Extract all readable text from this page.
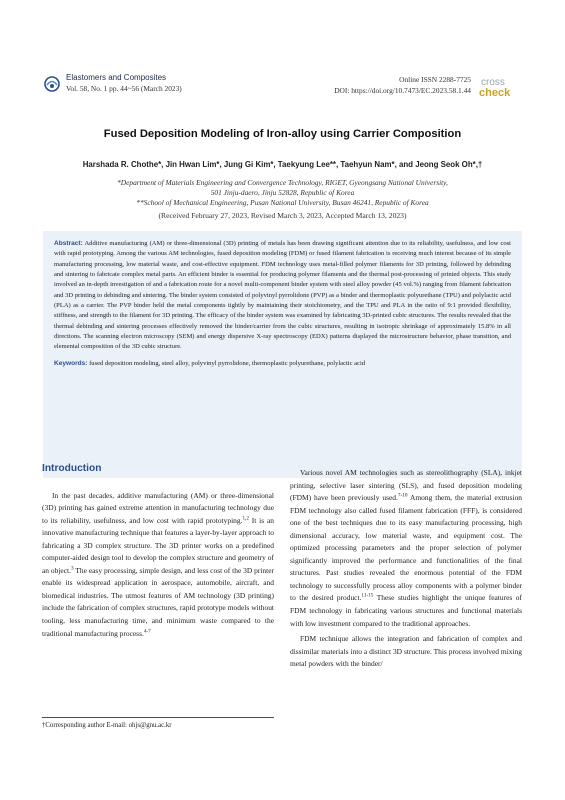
Elastomers and Composites
Vol. 58, No. 1 pp. 44~56 (March 2023)
Online ISSN 2288-7725
DOI: https://doi.org/10.7473/EC.2023.58.1.44
cross
check
Fused Deposition Modeling of Iron-alloy using Carrier Composition
Harshada R. Chothe*, Jin Hwan Lim*, Jung Gi Kim*, Taekyung Lee**, Taehyun Nam*, and Jeong Seok Oh*,†
*Department of Materials Engineering and Convergence Technology, RIGET, Gyeongsang National University,
501 Jinju-daero, Jinju 52828, Republic of Korea
**School of Mechanical Engineering, Pusan National University, Busan 46241, Republic of Korea
(Received February 27, 2023, Revised March 3, 2023, Accepted March 13, 2023)

Abstract: Additive manufacturing (AM) or three-dimensional (3D) printing of metals has been drawing significant attention due to its reliability, usefulness, and low cost with rapid prototyping. Among the various AM technologies, fused deposition modeling (FDM) or fused filament fabrication is receiving much interest because of its simple manufacturing processing, low material waste, and cost-effective equipment. FDM technology uses metal-filled polymer filaments for 3D printing, followed by debinding and sintering to fabricate complex metal parts. An efficient binder is essential for producing polymer filaments and the thermal post-processing of printed objects. This study involved an in-depth investigation of and a fabrication route for a novel multi-component binder system with steel alloy powder (45 vol.%) ranging from filament fabrication and 3D printing to debinding and sintering. The binder system consisted of polyvinyl pyrrolidone (PVP) as a binder and thermoplastic polyurethane (TPU) and polylactic acid (PLA) as a carrier. The PVP binder held the metal components tightly by maintaining their stoichiometry, and the TPU and PLA in the ratio of 9:1 provided flexibility, stiffness, and strength to the filament for 3D printing. The efficacy of the binder system was examined by fabricating 3D-printed cubic structures. The results revealed that the thermal debinding and sintering processes effectively removed the binder/carrier from the cubic structures, resulting in isotropic shrinkage of approximately 15.8% in all directions. The scanning electron microscopy (SEM) and energy dispersive X-ray spectroscopy (EDX) patterns displayed the microstructure behavior, phase transition, and elemental composition of the 3D cubic structure.

Keywords: fused deposition modeling, steel alloy, polyvinyl pyrrolidone, thermoplastic polyurethane, polylactic acid

Introduction

In the past decades, additive manufacturing (AM) or three-dimensional (3D) printing has gained extreme attention in manufacturing technology due to its reliability, usefulness, and low cost with rapid prototyping.$^{1,2}$ It is an innovative manufacturing technique that features a layer-by-layer approach to fabricating a 3D complex structure. The 3D printer works on a predefined computer-aided design tool to develop the complex structure and geometry of an object.$^3$ The easy processing, simple design, and less cost of the 3D printer enable its widespread application in aerospace, automobile, aircraft, and biomedical industries. The utmost features of AM technology (3D printing) include the fabrication of complex structures, rapid prototype models without tooling, less manufacturing time, and minimum waste compared to the traditional manufacturing process.$^{4-7}$

Various novel AM technologies such as stereolithography (SLA), inkjet printing, selective laser sintering (SLS), and fused deposition modeling (FDM) have been previously used.$^{7-10}$ Among them, the material extrusion FDM technology also called fused filament fabrication (FFF), is considered one of the best techniques due to its easy manufacturing processing, high dimensional accuracy, low material waste, and equipment cost. The optimized processing parameters and the proper selection of polymer significantly improved the performance and functionalities of the final structures. Past studies revealed the enormous potential of the FDM technology to successfully process alloy components with a polymer binder to the desired product.$^{11-15}$ These studies highlight the unique features of FDM technology in fabricating various structures and functional materials with low investment compared to the traditional approaches.

FDM technique allows the integration and fabrication of complex and dissimilar materials into a distinct 3D structure. This process involved mixing metal powders with the binder/

†Corresponding author E-mail: ohjs@gnu.ac.kr
